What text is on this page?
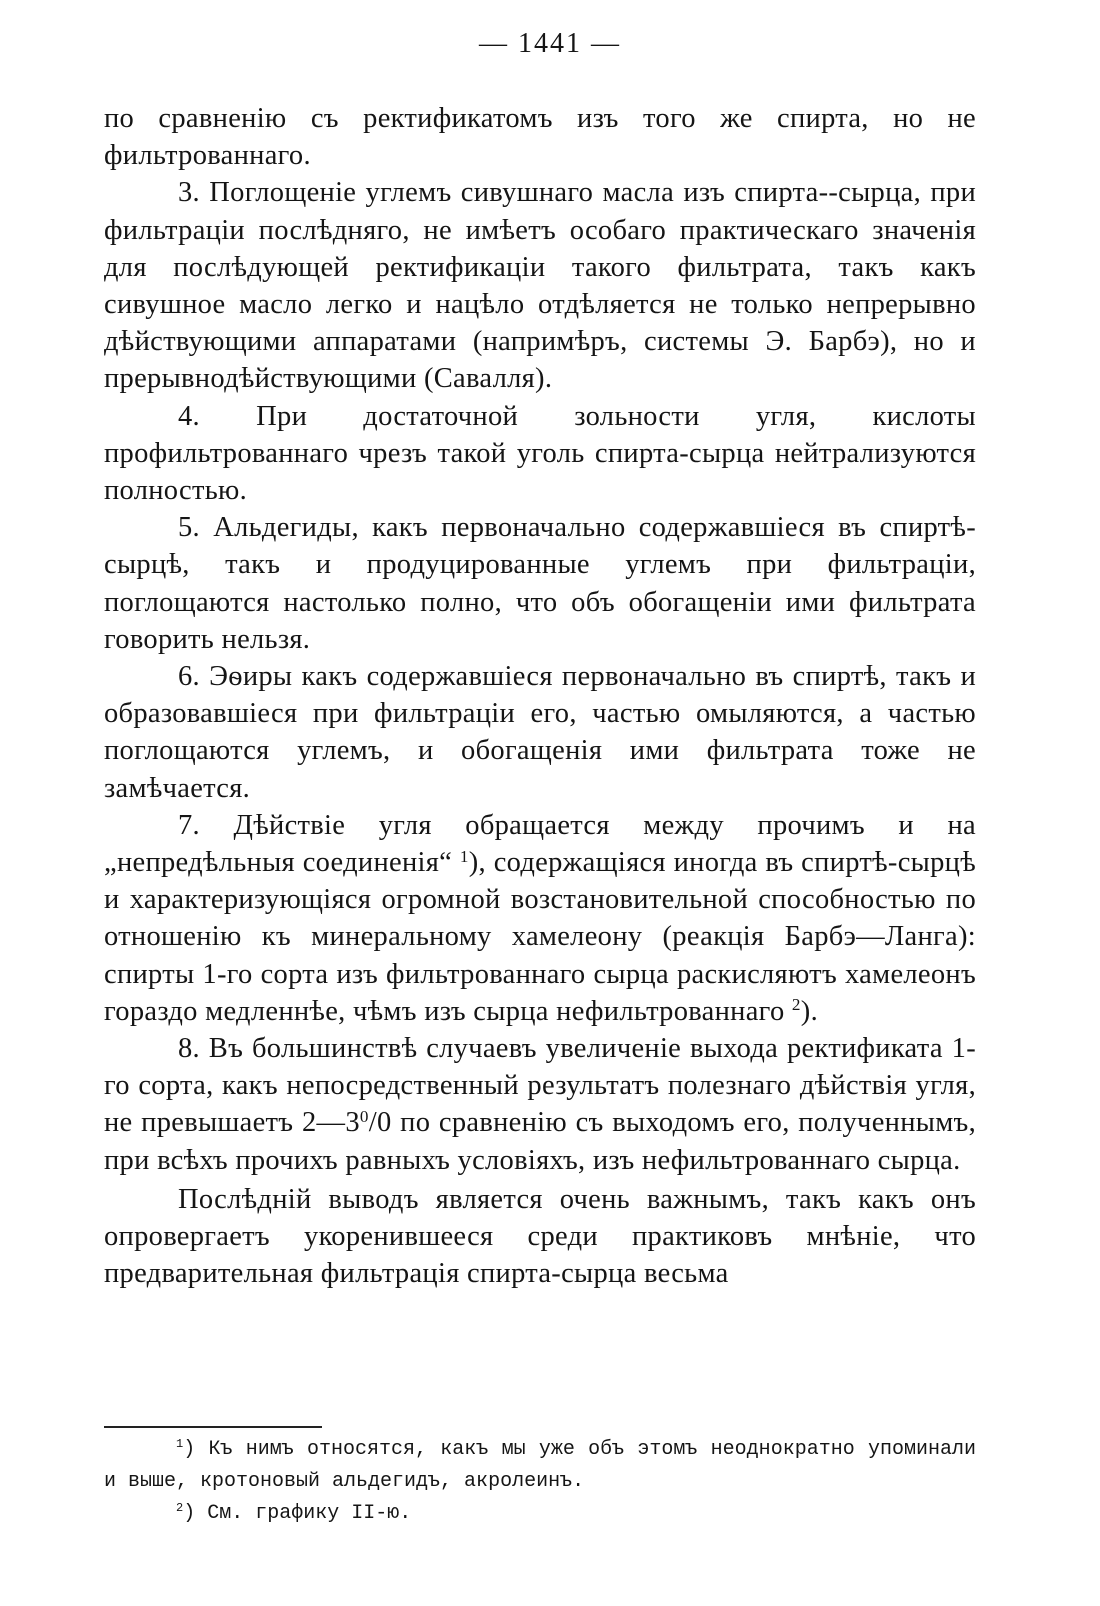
— 1441 —

по сравненію съ ректификатомъ изъ того же спирта, но не фильтрованнаго.

3. Поглощеніе углемъ сивушнаго масла изъ спирта--сырца, при фильтраціи послѣдняго, не имѣетъ особаго практическаго значенія для послѣдующей ректификаціи такого фильтрата, такъ какъ сивушное масло легко и нацѣло отдѣляется не только непрерывно дѣйствующими аппаратами (напримѣръ, системы Э. Барбэ), но и прерывнодѣйствующими (Савалля).

4. При достаточной зольности угля, кислоты профильтрованнаго чрезъ такой уголь спирта-сырца нейтрализуются полностью.

5. Альдегиды, какъ первоначально содержавшіеся въ спиртѣ-сырцѣ, такъ и продуцированные углемъ при фильтраціи, поглощаются настолько полно, что объ обогащеніи ими фильтрата говорить нельзя.

6. Эѳиры какъ содержавшіеся первоначально въ спиртѣ, такъ и образовавшіеся при фильтраціи его, частью омыляются, а частью поглощаются углемъ, и обогащенія ими фильтрата тоже не замѣчается.

7. Дѣйствіе угля обращается между прочимъ и на „непредѣльныя соединенія“ $^1$), содержащіяся иногда въ спиртѣ-сырцѣ и характеризующіяся огромной возстановительной способностью по отношенію къ минеральному хамелеону (реакція Барбэ—Ланга): спирты 1-го сорта изъ фильтрованнаго сырца раскисляютъ хамелеонъ гораздо медленнѣе, чѣмъ изъ сырца нефильтрованнаго $^2$).

8. Въ большинствѣ случаевъ увеличеніе выхода ректификата 1-го сорта, какъ непосредственный результатъ полезнаго дѣйствія угля, не превышаетъ $2—3^0/0$ по сравненію съ выходомъ его, полученнымъ, при всѣхъ прочихъ равныхъ условіяхъ, изъ нефильтрованнаго сырца.

Послѣдній выводъ является очень важнымъ, такъ какъ онъ опровергаетъ укоренившееся среди практиковъ мнѣніе, что предварительная фильтрація спирта-сырца весьма

$^1$) Къ нимъ относятся, какъ мы уже объ этомъ неоднократно упоминали и выше, кротоновый альдегидъ, акролеинъ.

$^2$) См. графику II-ю.
